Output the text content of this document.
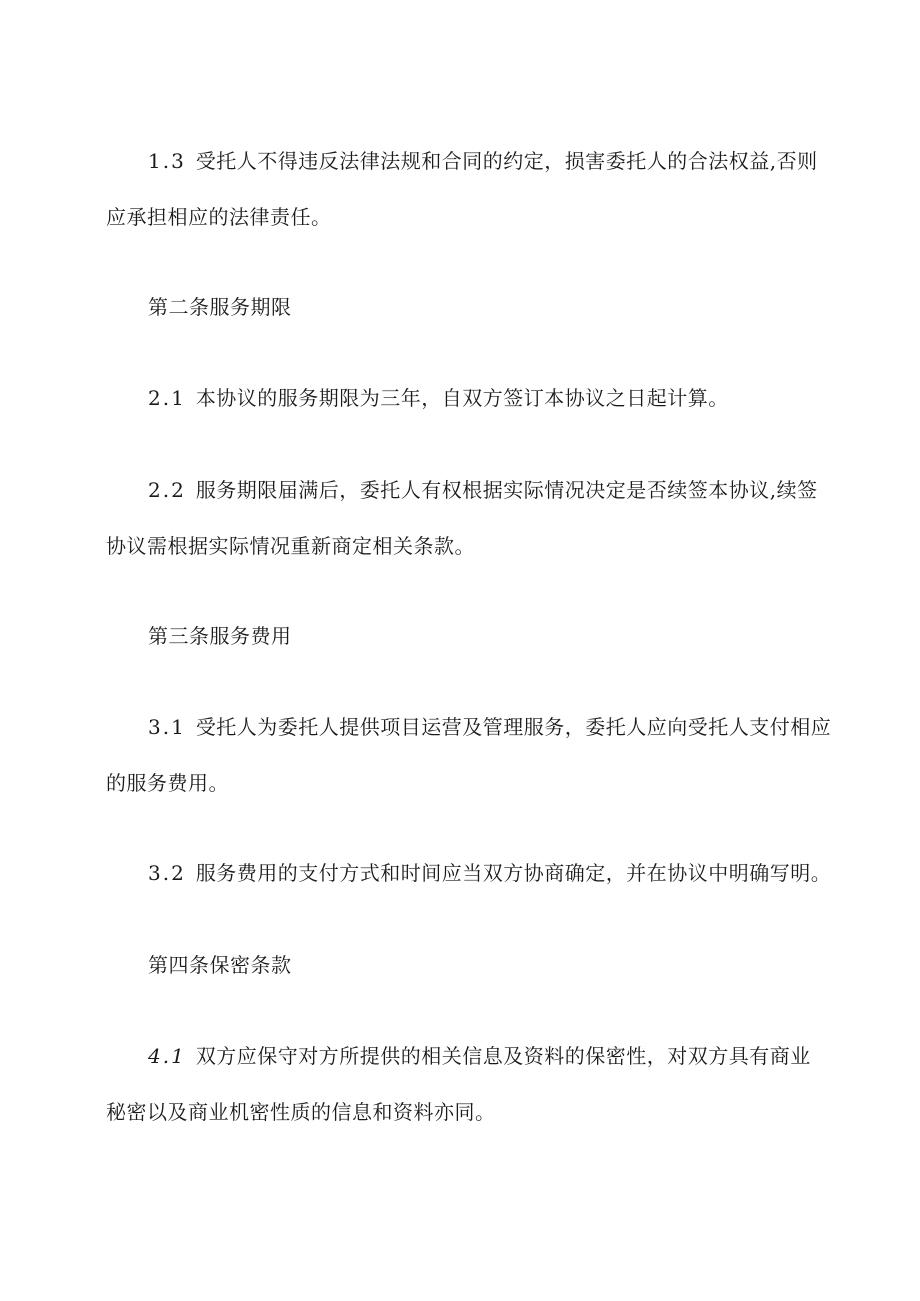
1.3 受托人不得违反法律法规和合同的约定，损害委托人的合法权益,否则
应承担相应的法律责任。
第二条服务期限
2.1 本协议的服务期限为三年，自双方签订本协议之日起计算。
2.2 服务期限届满后，委托人有权根据实际情况决定是否续签本协议,续签
协议需根据实际情况重新商定相关条款。
第三条服务费用
3.1 受托人为委托人提供项目运营及管理服务，委托人应向受托人支付相应
的服务费用。
3.2 服务费用的支付方式和时间应当双方协商确定，并在协议中明确写明。
第四条保密条款
4.1 双方应保守对方所提供的相关信息及资料的保密性，对双方具有商业
秘密以及商业机密性质的信息和资料亦同。
